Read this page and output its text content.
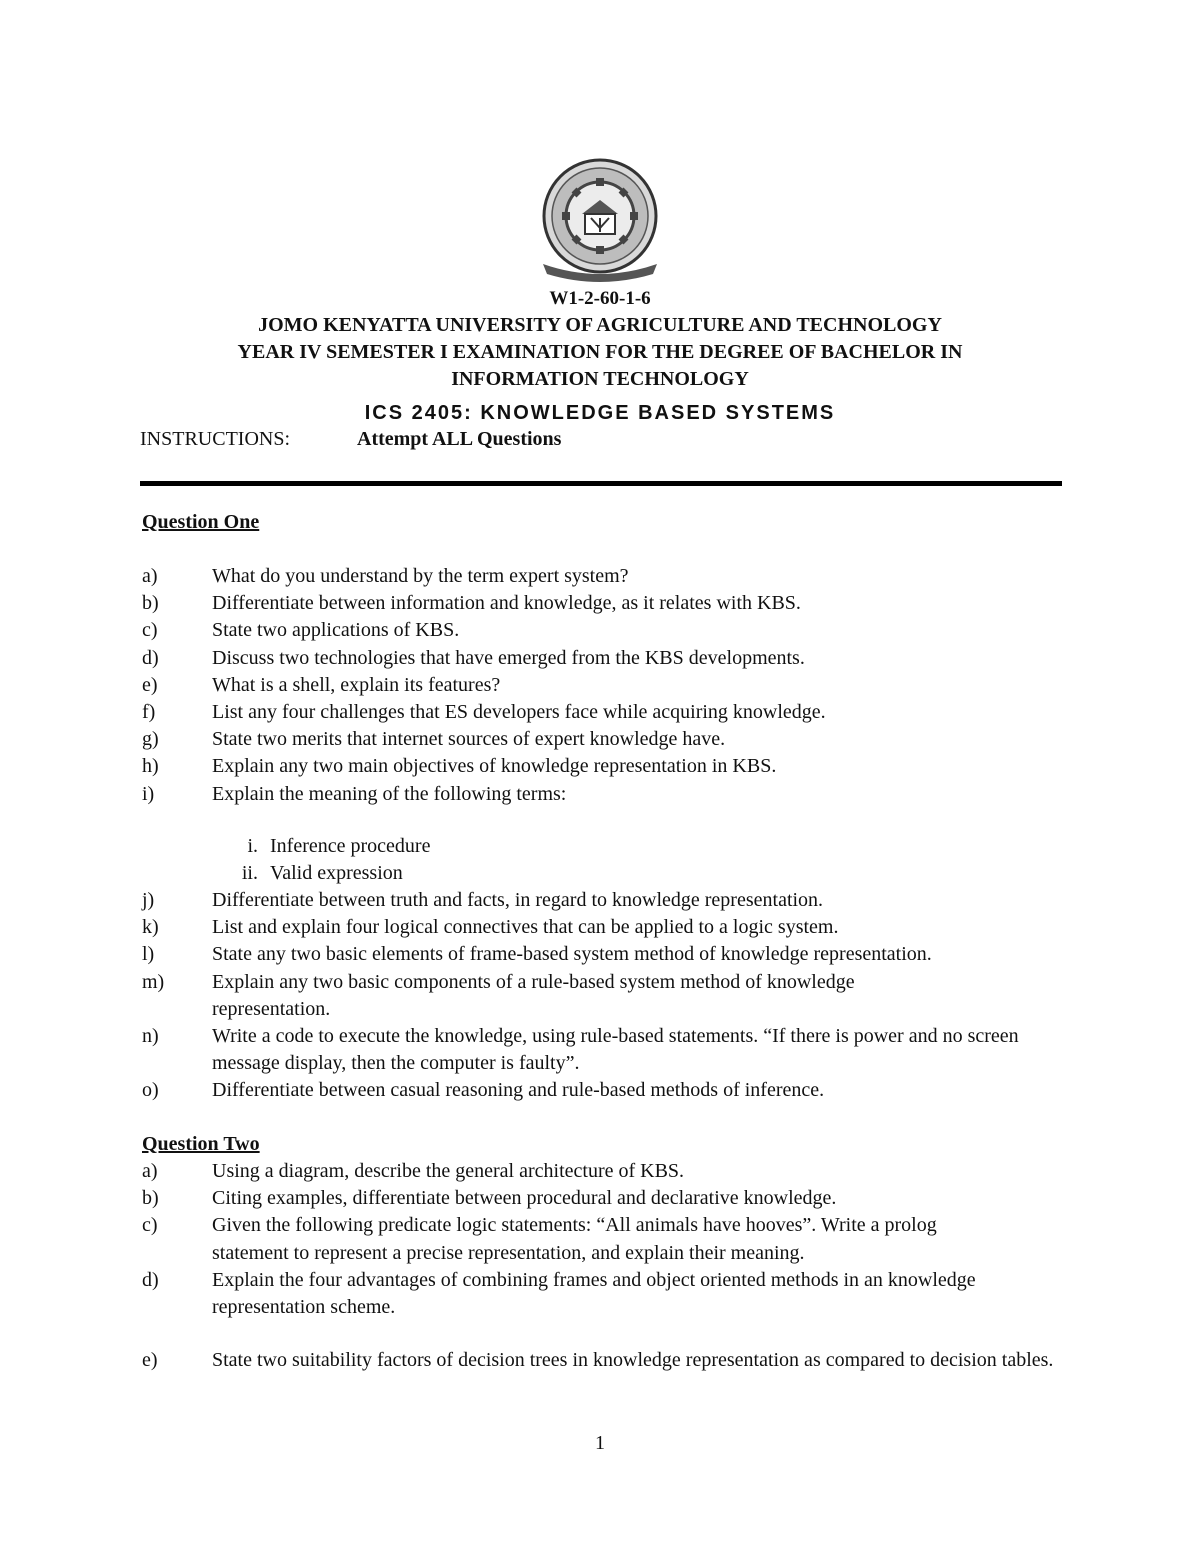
W1-2-60-1-6
JOMO KENYATTA UNIVERSITY OF AGRICULTURE AND TECHNOLOGY
YEAR IV SEMESTER I EXAMINATION FOR THE DEGREE OF BACHELOR IN
INFORMATION TECHNOLOGY
ICS 2405: KNOWLEDGE BASED SYSTEMS
INSTRUCTIONS:	Attempt ALL Questions
Question One
a)	What do you understand by the term expert system?
b)	Differentiate between information and knowledge, as it relates with KBS.
c)	State two applications of KBS.
d)	Discuss two technologies that have emerged from the KBS developments.
e)	What is a shell, explain its features?
f)	List any four challenges that ES developers face while acquiring knowledge.
g)	State two merits that internet sources of expert knowledge have.
h)	Explain any two main objectives of knowledge representation in KBS.
i)	Explain the meaning of the following terms:
i. Inference procedure
ii. Valid expression
j)	Differentiate between truth and facts, in regard to knowledge representation.
k)	List and explain four logical connectives that can be applied to a logic system.
l)	State any two basic elements of frame-based system method of knowledge representation.
m)	Explain any two basic components of a rule-based system method of knowledge representation.
n)	Write a code to execute the knowledge, using rule-based statements. “If there is power and no screen message display, then the computer is faulty”.
o)	Differentiate between casual reasoning and rule-based methods of inference.
Question Two
a)	Using a diagram, describe the general architecture of KBS.
b)	Citing examples, differentiate between procedural and declarative knowledge.
c)	Given the following predicate logic statements: “All animals have hooves”. Write a prolog statement to represent a precise representation, and explain their meaning.
d)	Explain the four advantages of combining frames and object oriented methods in an knowledge representation scheme.
e)	State two suitability factors of decision trees in knowledge representation as compared to decision tables.
1
